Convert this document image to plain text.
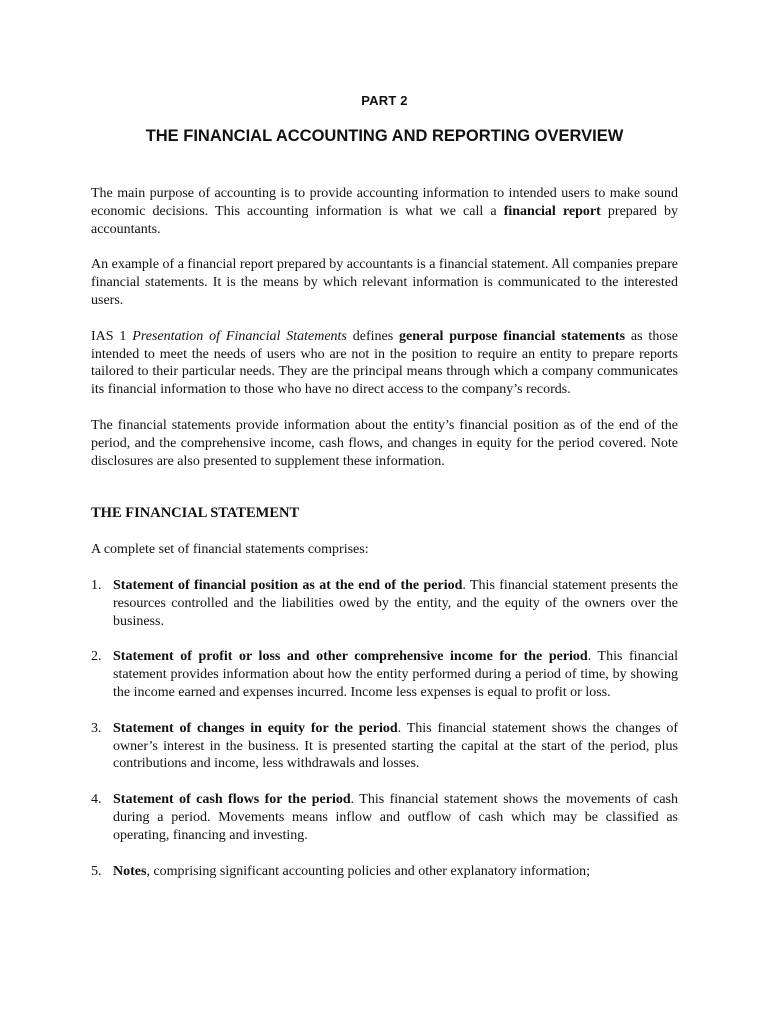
PART 2
THE FINANCIAL ACCOUNTING AND REPORTING OVERVIEW

The main purpose of accounting is to provide accounting information to intended users to make sound economic decisions. This accounting information is what we call a financial report prepared by accountants.

An example of a financial report prepared by accountants is a financial statement. All companies prepare financial statements. It is the means by which relevant information is communicated to the interested users.

IAS 1 Presentation of Financial Statements defines general purpose financial statements as those intended to meet the needs of users who are not in the position to require an entity to prepare reports tailored to their particular needs. They are the principal means through which a company communicates its financial information to those who have no direct access to the company’s records.

The financial statements provide information about the entity’s financial position as of the end of the period, and the comprehensive income, cash flows, and changes in equity for the period covered. Note disclosures are also presented to supplement these information.

THE FINANCIAL STATEMENT

A complete set of financial statements comprises:

1. Statement of financial position as at the end of the period. This financial statement presents the resources controlled and the liabilities owed by the entity, and the equity of the owners over the business.
2. Statement of profit or loss and other comprehensive income for the period. This financial statement provides information about how the entity performed during a period of time, by showing the income earned and expenses incurred. Income less expenses is equal to profit or loss.
3. Statement of changes in equity for the period. This financial statement shows the changes of owner’s interest in the business. It is presented starting the capital at the start of the period, plus contributions and income, less withdrawals and losses.
4. Statement of cash flows for the period. This financial statement shows the movements of cash during a period. Movements means inflow and outflow of cash which may be classified as operating, financing and investing.
5. Notes, comprising significant accounting policies and other explanatory information;
